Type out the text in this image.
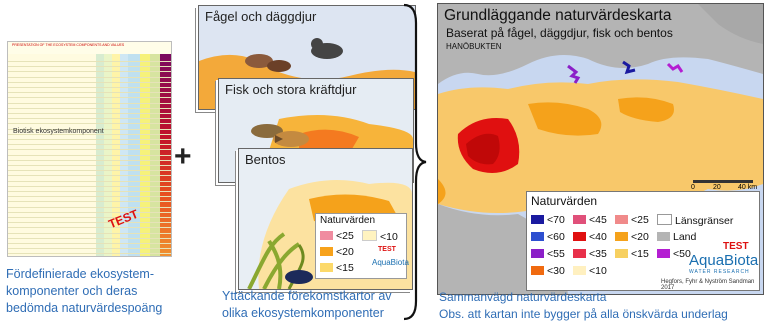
PRESENTATION OF THE ECOSYSTEM COMPONENTS AND VALUES
Biotisk ekosystemkomponent
TEST
Fördefinierade ekosystem-
komponenter och deras
bedömda naturvärdespoäng
+
Fågel och däggdjur
Fisk och stora kräftdjur
Bentos
Naturvärden
<25	<10
<20
<15
TEST
AquaBiota
Yttäckande förekomstkartor av
olika ekosystemkomponenter
Grundläggande naturvärdeskarta
Baserat på fågel, däggdjur, fisk och bentos
HANÖBUKTEN
0	20 40 km
Naturvärden
<70	<45	<25	Länsgränser
<60	<40	<20	Land
<55	<35	<15	<50
<30	<10
TEST
AquaBiota
WATER RESEARCH
Hegfors, Fyhr & Nyström Sandman 2017
Sammanvägd naturvärdeskarta
Obs. att kartan inte bygger på alla önskvärda underlag
